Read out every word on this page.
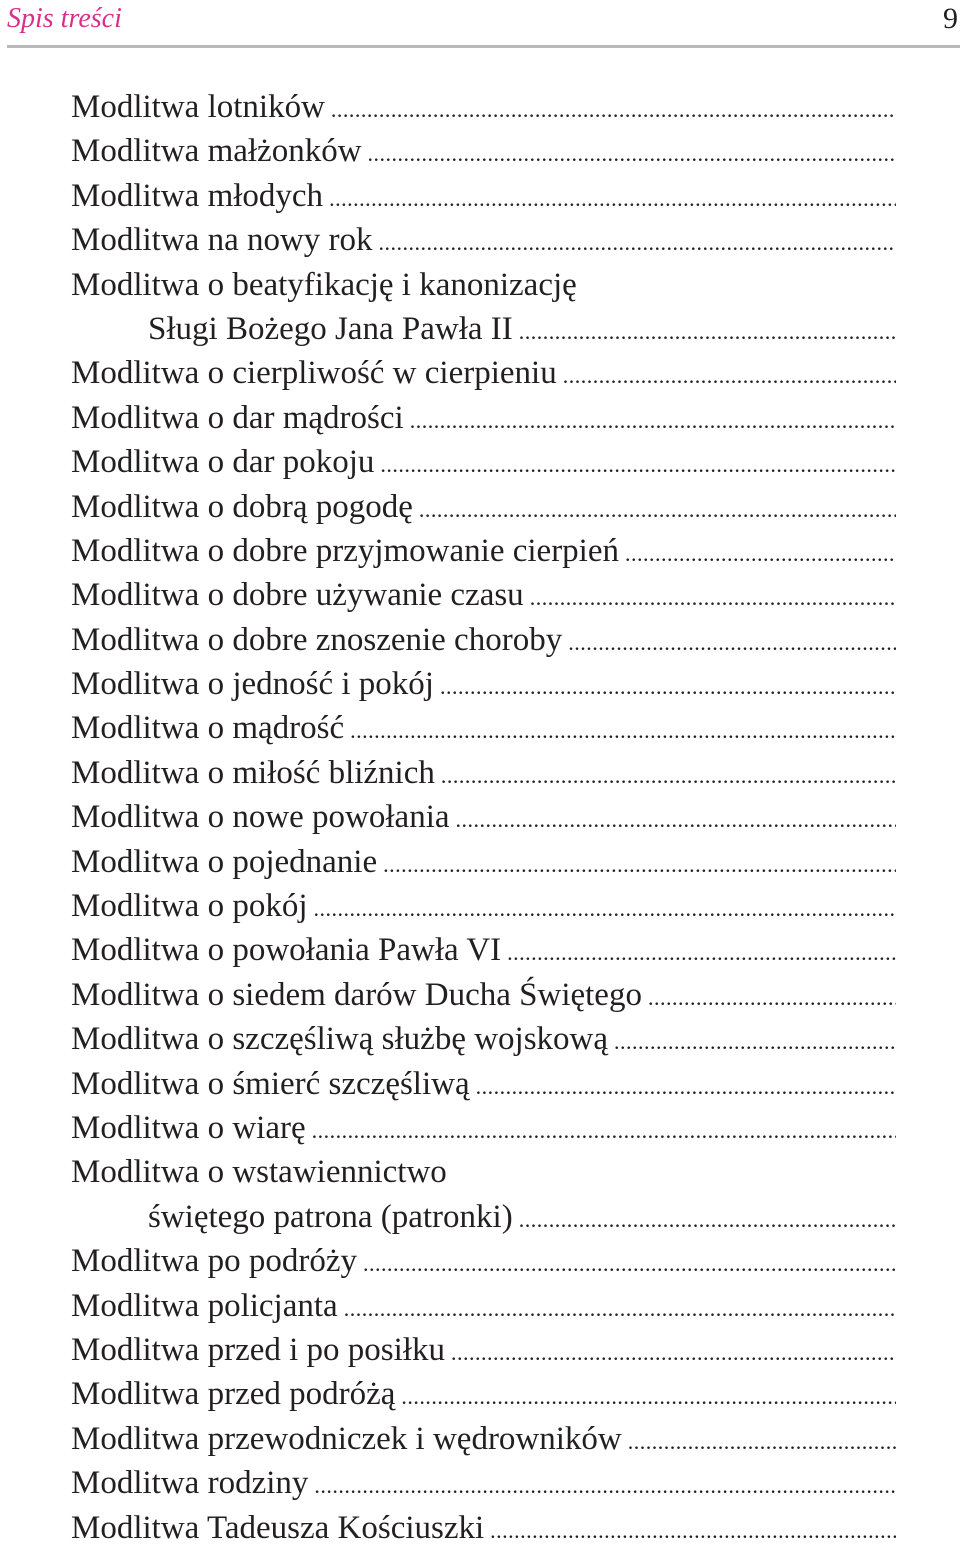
Spis treści	9
Modlitwa lotników
.....
Modlitwa małżonków
.....
Modlitwa młodych
.....
Modlitwa na nowy rok
.....
Modlitwa o beatyfikację i kanonizację
Sługi Bożego Jana Pawła II
.....
Modlitwa o cierpliwość w cierpieniu
.....
Modlitwa o dar mądrości
.....
Modlitwa o dar pokoju
.....
Modlitwa o dobrą pogodę
.....
Modlitwa o dobre przyjmowanie cierpień
.....
Modlitwa o dobre używanie czasu
.....
Modlitwa o dobre znoszenie choroby
.....
Modlitwa o jedność i pokój
.....
Modlitwa o mądrość
.....
Modlitwa o miłość bliźnich
.....
Modlitwa o nowe powołania
.....
Modlitwa o pojednanie
.....
Modlitwa o pokój
.....
Modlitwa o powołania Pawła VI
.....
Modlitwa o siedem darów Ducha Świętego
.....
Modlitwa o szczęśliwą służbę wojskową
.....
Modlitwa o śmierć szczęśliwą
.....
Modlitwa o wiarę
.....
Modlitwa o wstawiennictwo
świętego patrona (patronki)
.....
Modlitwa po podróży
.....
Modlitwa policjanta
.....
Modlitwa przed i po posiłku
.....
Modlitwa przed podróżą
.....
Modlitwa przewodniczek i wędrowników
.....
Modlitwa rodziny
.....
Modlitwa Tadeusza Kościuszki
.....
